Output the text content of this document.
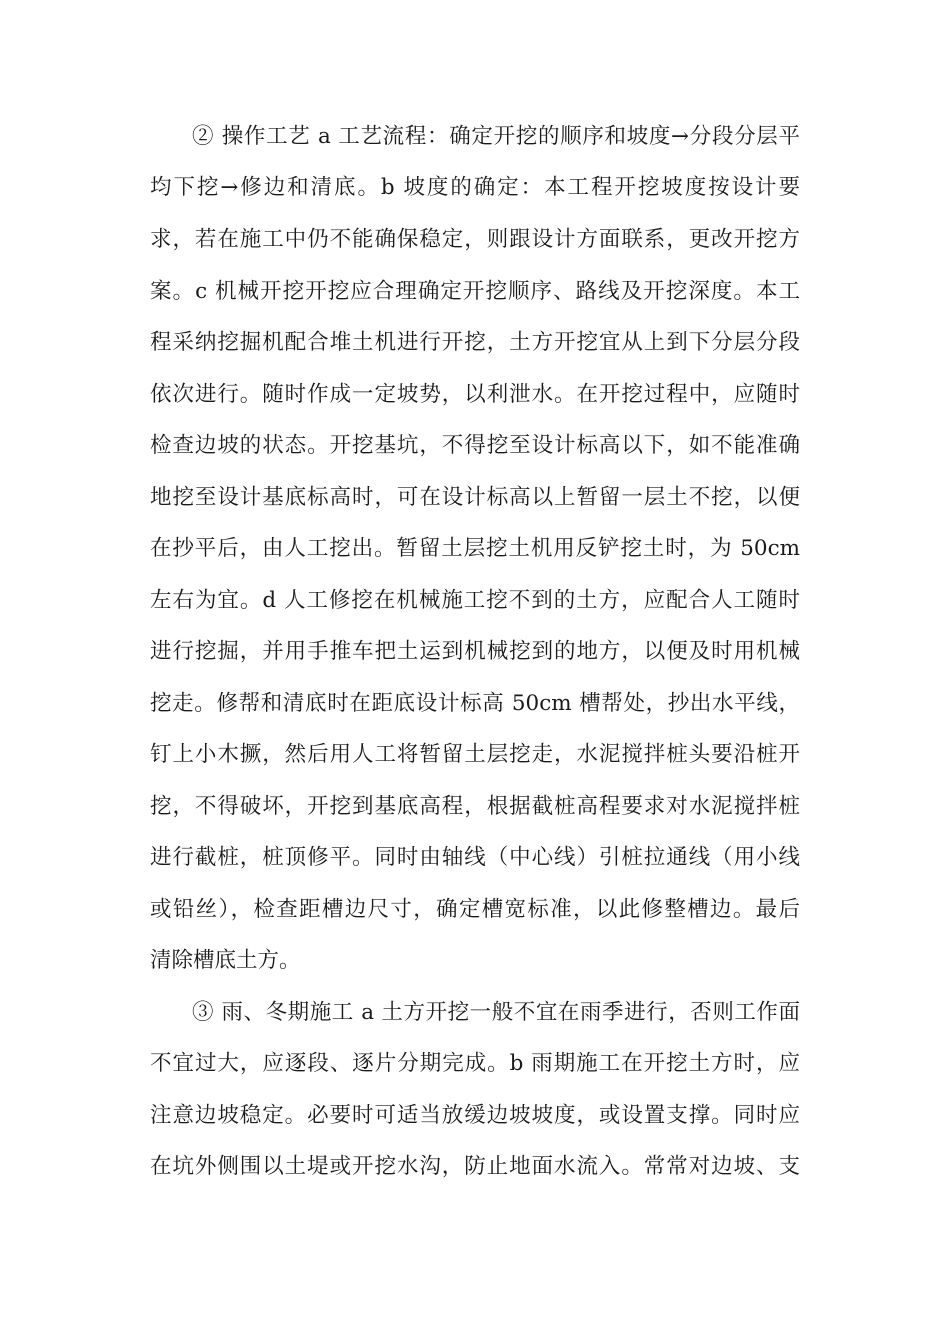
② 操作工艺 a 工艺流程：确定开挖的顺序和坡度→分段分层平
均下挖→修边和清底。b 坡度的确定：本工程开挖坡度按设计要
求，若在施工中仍不能确保稳定，则跟设计方面联系，更改开挖方
案。c 机械开挖开挖应合理确定开挖顺序、路线及开挖深度。本工
程采纳挖掘机配合堆土机进行开挖，土方开挖宜从上到下分层分段
依次进行。随时作成一定坡势，以利泄水。在开挖过程中，应随时
检查边坡的状态。开挖基坑，不得挖至设计标高以下，如不能准确
地挖至设计基底标高时，可在设计标高以上暂留一层土不挖，以便
在抄平后，由人工挖出。暂留土层挖土机用反铲挖土时，为 50cm
左右为宜。d 人工修挖在机械施工挖不到的土方，应配合人工随时
进行挖掘，并用手推车把土运到机械挖到的地方，以便及时用机械
挖走。修帮和清底时在距底设计标高 50cm 槽帮处，抄出水平线，
钉上小木撅，然后用人工将暂留土层挖走，水泥搅拌桩头要沿桩开
挖，不得破坏，开挖到基底高程，根据截桩高程要求对水泥搅拌桩
进行截桩，桩顶修平。同时由轴线（中心线）引桩拉通线（用小线
或铅丝），检查距槽边尺寸，确定槽宽标准，以此修整槽边。最后
清除槽底土方。
③ 雨、冬期施工 a 土方开挖一般不宜在雨季进行，否则工作面
不宜过大，应逐段、逐片分期完成。b 雨期施工在开挖土方时，应
注意边坡稳定。必要时可适当放缓边坡坡度，或设置支撑。同时应
在坑外侧围以土堤或开挖水沟，防止地面水流入。常常对边坡、支
